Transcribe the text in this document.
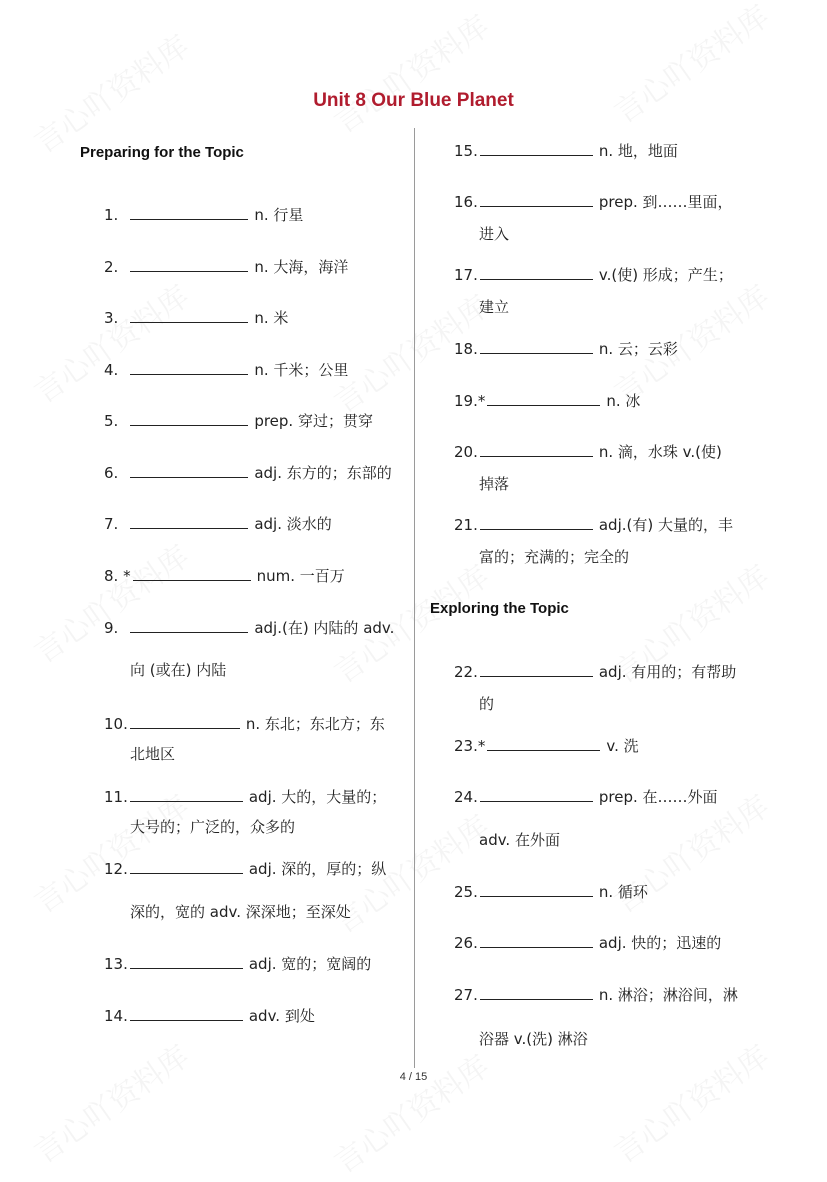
Unit 8 Our Blue Planet
Preparing for the Topic
Exploring the Topic
1.	n. 行星
2.	n. 大海，海洋
3.	n. 米
4.	n. 千米；公里
5.	prep. 穿过；贯穿
6.	adj. 东方的；东部的
7.	adj. 淡水的
8. *	num. 一百万
9.	adj.(在) 内陆的 adv.
向 (或在) 内陆
10.	n. 东北；东北方；东
北地区
11.	adj. 大的，大量的；
大号的；广泛的，众多的
12.	adj. 深的，厚的；纵
深的，宽的 adv. 深深地；至深处
13.	adj. 宽的；宽阔的
14.	adv. 到处
15.	n. 地，地面
16.	prep. 到……里面，
进入
17.	v.(使) 形成；产生；
建立
18.	n. 云；云彩
19.*	n. 冰
20.	n. 滴，水珠 v.(使)
掉落
21.	adj.(有) 大量的，丰
富的；充满的；完全的
22.	adj. 有用的；有帮助
的
23.*	v. 洗
24.	prep. 在……外面
adv. 在外面
25.	n. 循环
26.	adj. 快的；迅速的
27.	n. 淋浴；淋浴间，淋
浴器 v.(洗) 淋浴
4 / 15
